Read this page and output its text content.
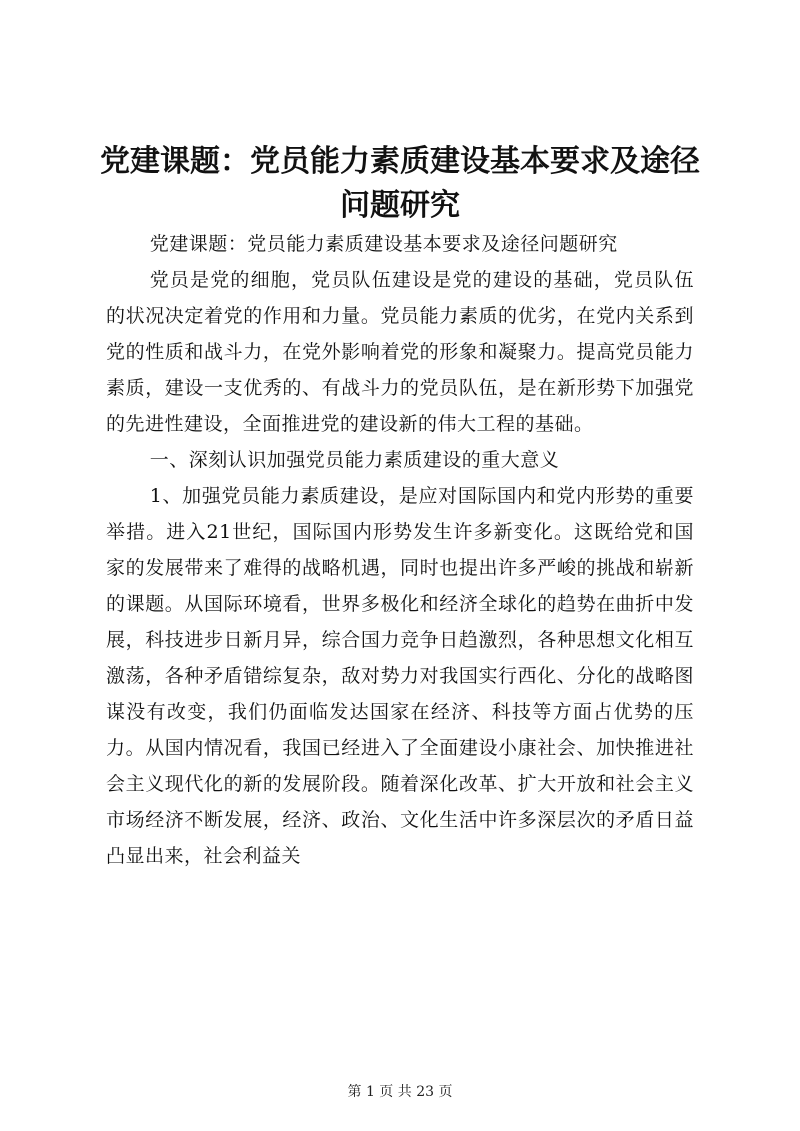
党建课题：党员能力素质建设基本要求及途径问题研究

党建课题：党员能力素质建设基本要求及途径问题研究

党员是党的细胞，党员队伍建设是党的建设的基础，党员队伍的状况决定着党的作用和力量。党员能力素质的优劣，在党内关系到党的性质和战斗力，在党外影响着党的形象和凝聚力。提高党员能力素质，建设一支优秀的、有战斗力的党员队伍，是在新形势下加强党的先进性建设，全面推进党的建设新的伟大工程的基础。

一、深刻认识加强党员能力素质建设的重大意义

1、加强党员能力素质建设，是应对国际国内和党内形势的重要举措。进入21世纪，国际国内形势发生许多新变化。这既给党和国家的发展带来了难得的战略机遇，同时也提出许多严峻的挑战和崭新的课题。从国际环境看，世界多极化和经济全球化的趋势在曲折中发展，科技进步日新月异，综合国力竞争日趋激烈，各种思想文化相互激荡，各种矛盾错综复杂，敌对势力对我国实行西化、分化的战略图谋没有改变，我们仍面临发达国家在经济、科技等方面占优势的压力。从国内情况看，我国已经进入了全面建设小康社会、加快推进社会主义现代化的新的发展阶段。随着深化改革、扩大开放和社会主义市场经济不断发展，经济、政治、文化生活中许多深层次的矛盾日益凸显出来，社会利益关

第 1 页 共 23 页
